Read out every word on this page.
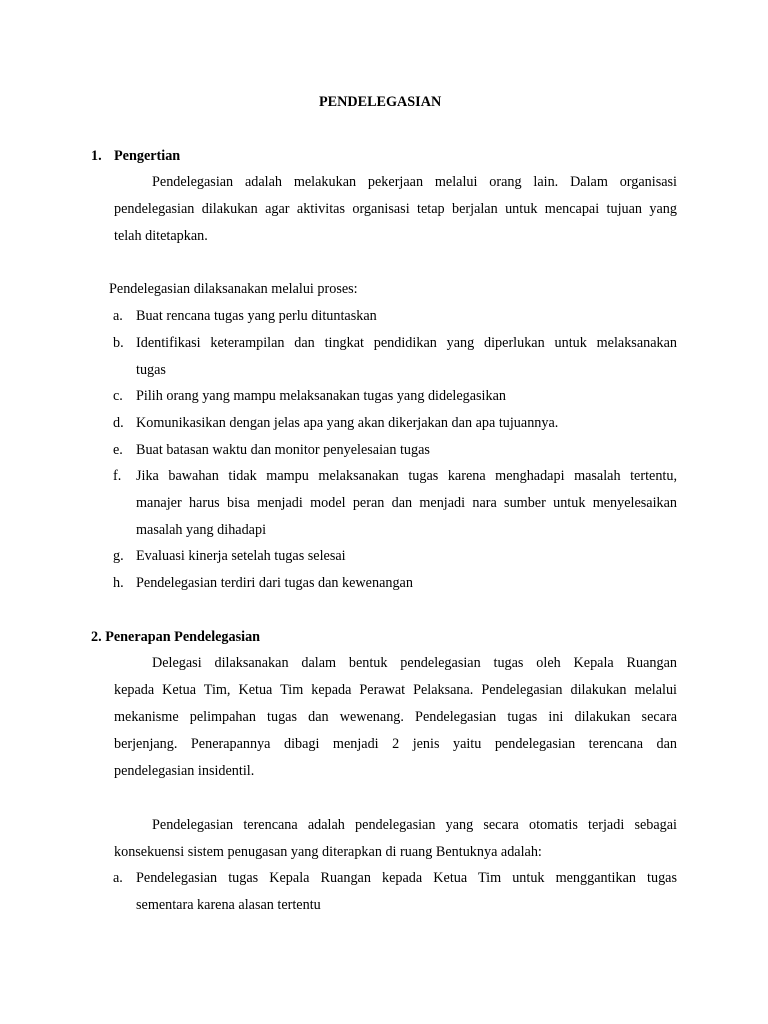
PENDELEGASIAN
1. Pengertian
Pendelegasian adalah melakukan pekerjaan melalui orang lain. Dalam organisasi
pendelegasian dilakukan agar aktivitas organisasi tetap berjalan untuk mencapai tujuan yang
telah ditetapkan.
Pendelegasian dilaksanakan melalui proses:
a. Buat rencana tugas yang perlu dituntaskan
b. Identifikasi keterampilan dan tingkat pendidikan yang diperlukan untuk melaksanakan
tugas
c. Pilih orang yang mampu melaksanakan tugas yang didelegasikan
d. Komunikasikan dengan jelas apa yang akan dikerjakan dan apa tujuannya.
e. Buat batasan waktu dan monitor penyelesaian tugas
f. Jika bawahan tidak mampu melaksanakan tugas karena menghadapi masalah tertentu,
manajer harus bisa menjadi model peran dan menjadi nara sumber untuk menyelesaikan
masalah yang dihadapi
g. Evaluasi kinerja setelah tugas selesai
h. Pendelegasian terdiri dari tugas dan kewenangan
2. Penerapan Pendelegasian
Delegasi dilaksanakan dalam bentuk pendelegasian tugas oleh Kepala Ruangan
kepada Ketua Tim, Ketua Tim kepada Perawat Pelaksana. Pendelegasian dilakukan melalui
mekanisme pelimpahan tugas dan wewenang. Pendelegasian tugas ini dilakukan secara
berjenjang. Penerapannya dibagi menjadi 2 jenis yaitu pendelegasian terencana dan
pendelegasian insidentil.
Pendelegasian terencana adalah pendelegasian yang secara otomatis terjadi sebagai
konsekuensi sistem penugasan yang diterapkan di ruang Bentuknya adalah:
a. Pendelegasian tugas Kepala Ruangan kepada Ketua Tim untuk menggantikan tugas
sementara karena alasan tertentu
